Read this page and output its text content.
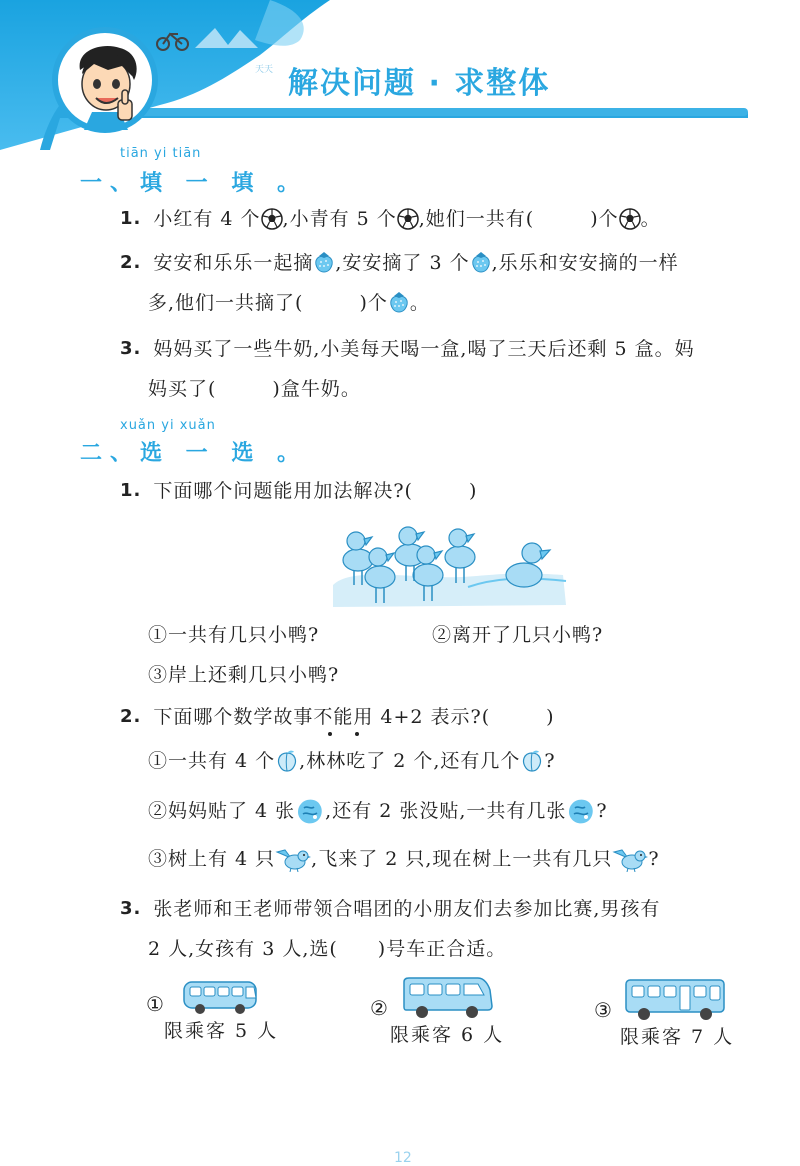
天天 解决问题 · 求整体
tiān yi tiān
一、填 一 填 。
1. 小红有 4 个 ,小青有 5 个 ,她们一共有(	)个 。
2. 安安和乐乐一起摘 ,安安摘了 3 个 ,乐乐和安安摘的一样
多,他们一共摘了(	)个 。
3. 妈妈买了一些牛奶,小美每天喝一盒,喝了三天后还剩 5 盒。妈
妈买了(	)盒牛奶。
xuǎn yi xuǎn
二、选 一 选 。
1. 下面哪个问题能用加法解决?(	)
①一共有几只小鸭?	②离开了几只小鸭?
③岸上还剩几只小鸭?
2. 下面哪个数学故事不能用 4+2 表示?(	)
①一共有 4 个 ,林林吃了 2 个,还有几个 ?
②妈妈贴了 4 张 ,还有 2 张没贴,一共有几张 ?
③树上有 4 只 ,飞来了 2 只,现在树上一共有几只 ?
3. 张老师和王老师带领合唱团的小朋友们去参加比赛,男孩有
2 人,女孩有 3 人,选( )号车正合适。
①
限乘客 5 人
②
限乘客 6 人
③
限乘客 7 人
12
